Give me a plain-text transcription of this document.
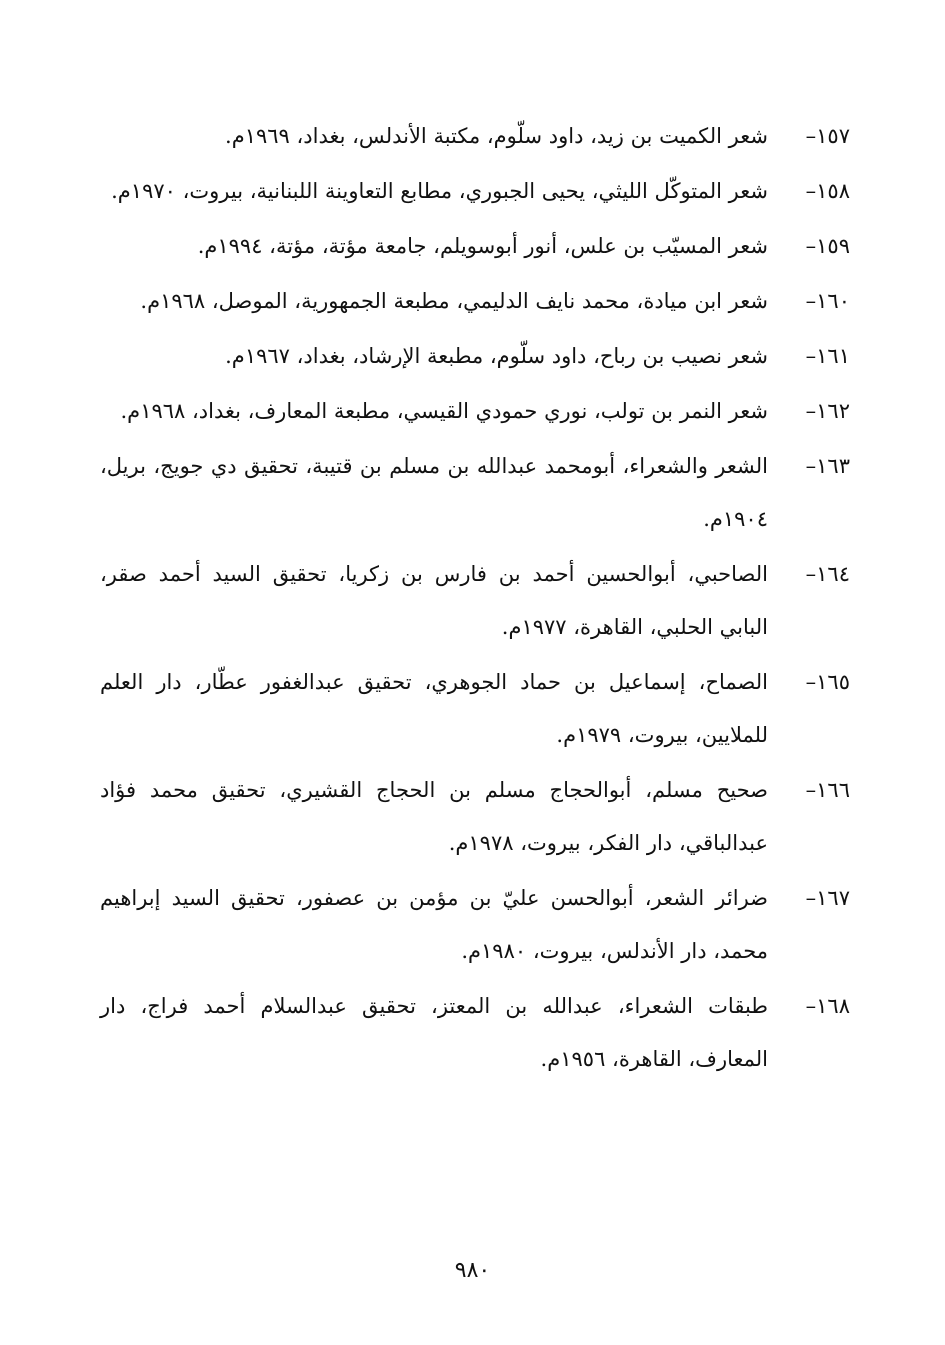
١٥٧–
شعر الكميت بن زيد، داود سلّوم، مكتبة الأندلس، بغداد، ١٩٦٩م.
١٥٨–
شعر المتوكّل الليثي، يحيى الجبوري، مطابع التعاوينة اللبنانية، بيروت، ١٩٧٠م.
١٥٩–
شعر المسيّب بن علس، أنور أبوسويلم، جامعة مؤتة، مؤتة، ١٩٩٤م.
١٦٠–
شعر ابن ميادة، محمد نايف الدليمي، مطبعة الجمهورية، الموصل، ١٩٦٨م.
١٦١–
شعر نصيب بن رباح، داود سلّوم، مطبعة الإرشاد، بغداد، ١٩٦٧م.
١٦٢–
شعر النمر بن تولب، نوري حمودي القيسي، مطبعة المعارف، بغداد، ١٩٦٨م.
١٦٣–
الشعر والشعراء، أبومحمد عبدالله بن مسلم بن قتيبة، تحقيق دي جويج، بريل، ١٩٠٤م.
١٦٤–
الصاحبي، أبوالحسين أحمد بن فارس بن زكريا، تحقيق السيد أحمد صقر، البابي الحلبي، القاهرة، ١٩٧٧م.
١٦٥–
الصماح، إسماعيل بن حماد الجوهري، تحقيق عبدالغفور عطّار، دار العلم للملايين، بيروت، ١٩٧٩م.
١٦٦–
صحيح مسلم، أبوالحجاج مسلم بن الحجاج القشيري، تحقيق محمد فؤاد عبدالباقي، دار الفكر، بيروت، ١٩٧٨م.
١٦٧–
ضرائر الشعر، أبوالحسن عليّ بن مؤمن بن عصفور، تحقيق السيد إبراهيم محمد، دار الأندلس، بيروت، ١٩٨٠م.
١٦٨–
طبقات الشعراء، عبدالله بن المعتز، تحقيق عبدالسلام أحمد فراج، دار المعارف، القاهرة، ١٩٥٦م.
٩٨٠
